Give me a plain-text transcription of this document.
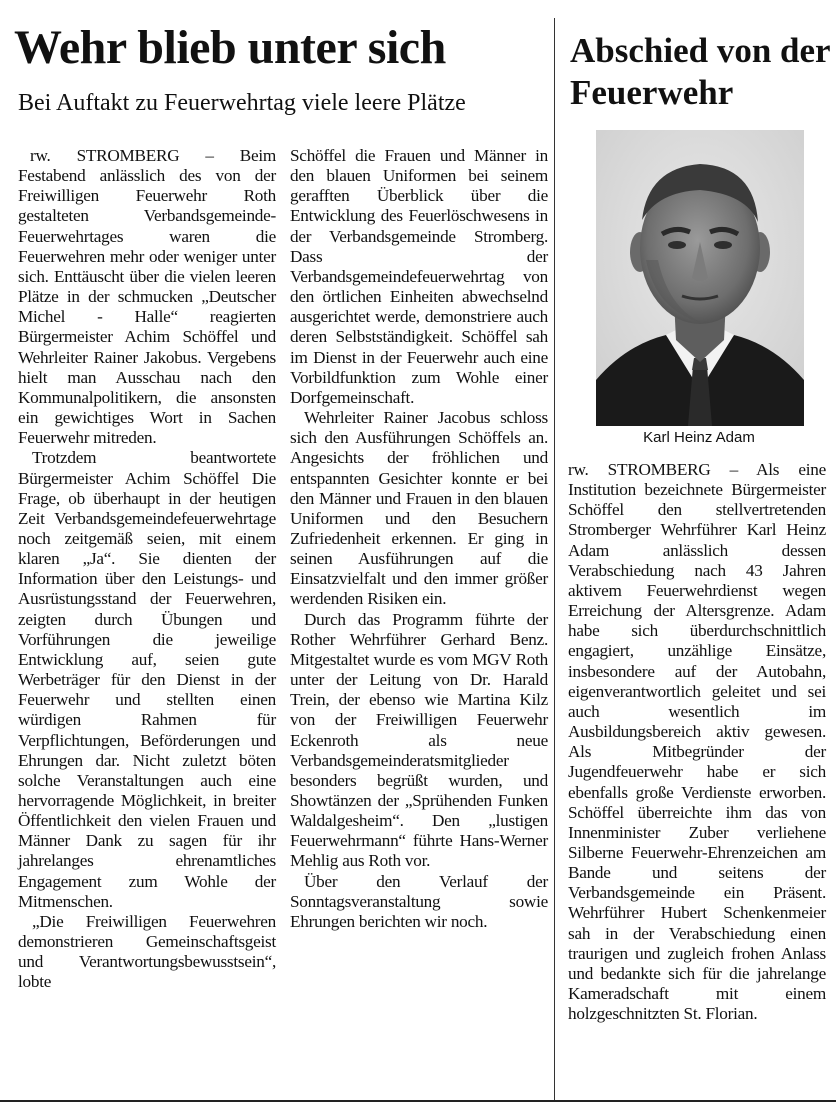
Wehr blieb unter sich
Bei Auftakt zu Feuerwehrtag viele leere Plätze

rw. STROMBERG – Beim Festabend anlässlich des von der Freiwilligen Feuerwehr Roth gestalteten Verbandsgemeinde-Feuerwehrtages waren die Feuerwehren mehr oder weniger unter sich. Enttäuscht über die vielen leeren Plätze in der schmucken „Deutscher Michel - Halle“ reagierten Bürgermeister Achim Schöffel und Wehrleiter Rainer Jakobus. Vergebens hielt man Ausschau nach den Kommunalpolitikern, die ansonsten ein gewichtiges Wort in Sachen Feuerwehr mitreden.

Trotzdem beantwortete Bürgermeister Achim Schöffel Die Frage, ob überhaupt in der heutigen Zeit Verbandsgemeindefeuerwehrtage noch zeitgemäß seien, mit einem klaren „Ja“. Sie dienten der Information über den Leistungs- und Ausrüstungsstand der Feuerwehren, zeigten durch Übungen und Vorführungen die jeweilige Entwicklung auf, seien gute Werbeträger für den Dienst in der Feuerwehr und stellten einen würdigen Rahmen für Verpflichtungen, Beförderungen und Ehrungen dar. Nicht zuletzt böten solche Veranstaltungen auch eine hervorragende Möglichkeit, in breiter Öffentlichkeit den vielen Frauen und Männer Dank zu sagen für ihr jahrelanges ehrenamtliches Engagement zum Wohle der Mitmenschen.

„Die Freiwilligen Feuerwehren demonstrieren Gemeinschaftsgeist und Verantwortungsbewusstsein“, lobte

Schöffel die Frauen und Männer in den blauen Uniformen bei seinem gerafften Überblick über die Entwicklung des Feuerlöschwesens in der Verbandsgemeinde Stromberg. Dass der Verbandsgemeindefeuerwehrtag von den örtlichen Einheiten abwechselnd ausgerichtet werde, demonstriere auch deren Selbstständigkeit. Schöffel sah im Dienst in der Feuerwehr auch eine Vorbildfunktion zum Wohle einer Dorfgemeinschaft.

Wehrleiter Rainer Jacobus schloss sich den Ausführungen Schöffels an. Angesichts der fröhlichen und entspannten Gesichter konnte er bei den Männer und Frauen in den blauen Uniformen und den Besuchern Zufriedenheit erkennen. Er ging in seinen Ausführungen auf die Einsatzvielfalt und den immer größer werdenden Risiken ein.

Durch das Programm führte der Rother Wehrführer Gerhard Benz. Mitgestaltet wurde es vom MGV Roth unter der Leitung von Dr. Harald Trein, der ebenso wie Martina Kilz von der Freiwilligen Feuerwehr Eckenroth als neue Verbandsgemeinderatsmitglieder besonders begrüßt wurden, und Showtänzen der „Sprühenden Funken Waldalgesheim“. Den „lustigen Feuerwehrmann“ führte Hans-Werner Mehlig aus Roth vor.

Über den Verlauf der Sonntagsveranstaltung sowie Ehrungen berichten wir noch.

Abschied von der Feuerwehr
Karl Heinz Adam

rw. STROMBERG – Als eine Institution bezeichnete Bürgermeister Schöffel den stellvertretenden Stromberger Wehrführer Karl Heinz Adam anlässlich dessen Verabschiedung nach 43 Jahren aktivem Feuerwehrdienst wegen Erreichung der Altersgrenze. Adam habe sich überdurchschnittlich engagiert, unzählige Einsätze, insbesondere auf der Autobahn, eigenverantwortlich geleitet und sei auch wesentlich im Ausbildungsbereich aktiv gewesen. Als Mitbegründer der Jugendfeuerwehr habe er sich ebenfalls große Verdienste erworben. Schöffel überreichte ihm das von Innenminister Zuber verliehene Silberne Feuerwehr-Ehrenzeichen am Bande und seitens der Verbandsgemeinde ein Präsent. Wehrführer Hubert Schenkenmeier sah in der Verabschiedung einen traurigen und zugleich frohen Anlass und bedankte sich für die jahrelange Kameradschaft mit einem holzgeschnitzten St. Florian.
